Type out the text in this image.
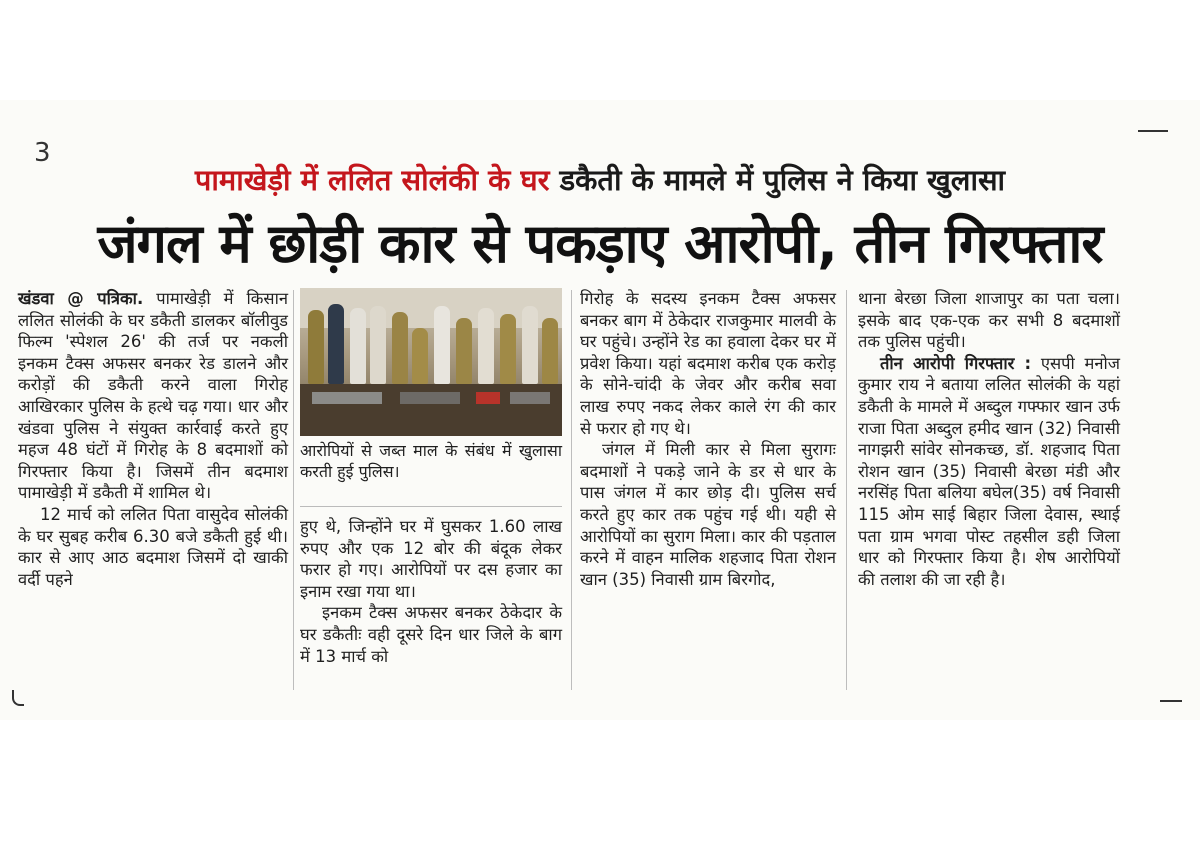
3
पामाखेड़ी में ललित सोलंकी के घर डकैती के मामले में पुलिस ने किया खुलासा
जंगल में छोड़ी कार से पकड़ाए आरोपी, तीन गिरफ्तार

खंडवा @ पत्रिका. पामाखेड़ी में किसान ललित सोलंकी के घर डकैती डालकर बॉलीवुड फिल्म 'स्पेशल 26' की तर्ज पर नकली इनकम टैक्स अफसर बनकर रेड डालने और करोड़ों की डकैती करने वाला गिरोह आखिरकार पुलिस के हत्थे चढ़ गया। धार और खंडवा पुलिस ने संयुक्त कार्रवाई करते हुए महज 48 घंटों में गिरोह के 8 बदमाशों को गिरफ्तार किया है। जिसमें तीन बदमाश पामाखेड़ी में डकैती में शामिल थे।

12 मार्च को ललित पिता वासुदेव सोलंकी के घर सुबह करीब 6.30 बजे डकैती हुई थी। कार से आए आठ बदमाश जिसमें दो खाकी वर्दी पहने

आरोपियों से जब्त माल के संबंध में खुलासा करती हुई पुलिस।

हुए थे, जिन्होंने घर में घुसकर 1.60 लाख रुपए और एक 12 बोर की बंदूक लेकर फरार हो गए। आरोपियों पर दस हजार का इनाम रखा गया था।

इनकम टैक्स अफसर बनकर ठेकेदार के घर डकैतीः वही दूसरे दिन धार जिले के बाग में 13 मार्च को

गिरोह के सदस्य इनकम टैक्स अफसर बनकर बाग में ठेकेदार राजकुमार मालवी के घर पहुंचे। उन्होंने रेड का हवाला देकर घर में प्रवेश किया। यहां बदमाश करीब एक करोड़ के सोने-चांदी के जेवर और करीब सवा लाख रुपए नकद लेकर काले रंग की कार से फरार हो गए थे।

जंगल में मिली कार से मिला सुरागः बदमाशों ने पकड़े जाने के डर से धार के पास जंगल में कार छोड़ दी। पुलिस सर्च करते हुए कार तक पहुंच गई थी। यही से आरोपियों का सुराग मिला। कार की पड़ताल करने में वाहन मालिक शहजाद पिता रोशन खान (35) निवासी ग्राम बिरगोद,

थाना बेरछा जिला शाजापुर का पता चला। इसके बाद एक-एक कर सभी 8 बदमाशों तक पुलिस पहुंची।

तीन आरोपी गिरफ्तार : एसपी मनोज कुमार राय ने बताया ललित सोलंकी के यहां डकैती के मामले में अब्दुल गफ्फार खान उर्फ राजा पिता अब्दुल हमीद खान (32) निवासी नागझरी सांवेर सोनकच्छ, डॉ. शहजाद पिता रोशन खान (35) निवासी बेरछा मंडी और नरसिंह पिता बलिया बघेल(35) वर्ष निवासी 115 ओम साई बिहार जिला देवास, स्थाई पता ग्राम भगवा पोस्ट तहसील डही जिला धार को गिरफ्तार किया है। शेष आरोपियों की तलाश की जा रही है।
